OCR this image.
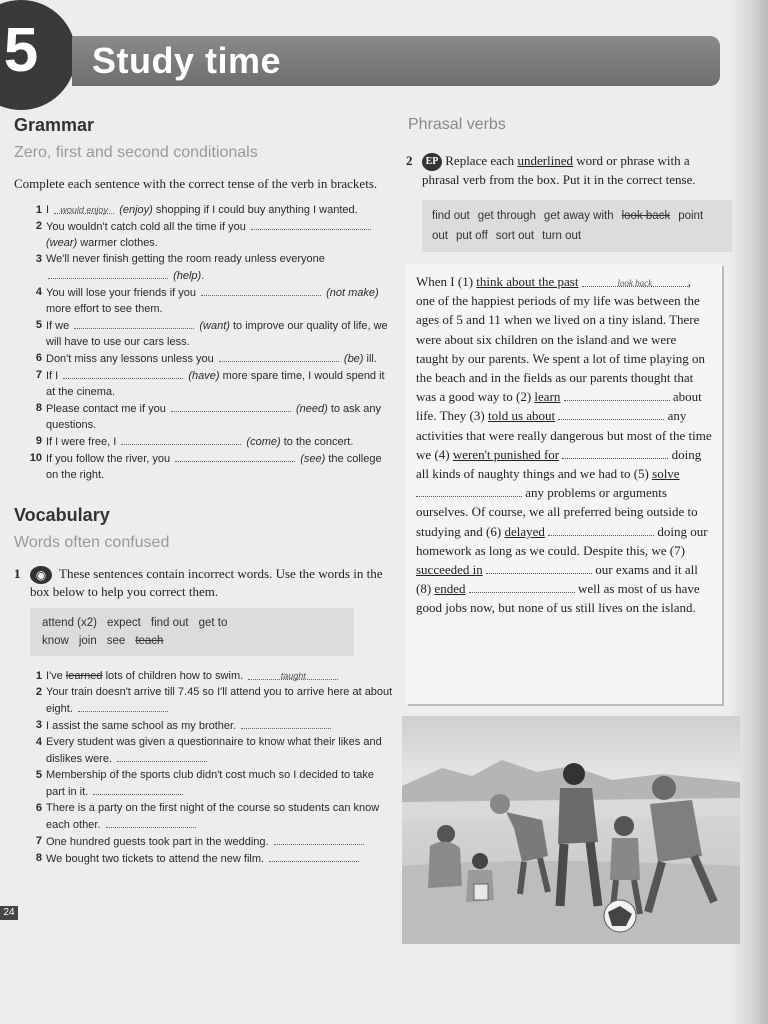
5 Study time
Grammar
Zero, first and second conditionals

Complete each sentence with the correct tense of the verb in brackets.

1 I would enjoy (enjoy) shopping if I could buy anything I wanted.
2 You wouldn't catch cold all the time if you  (wear) warmer clothes.
3 We'll never finish getting the room ready unless everyone  (help).
4 You will lose your friends if you	(not make) more effort to see them.
5 If we	(want) to improve our quality of life, we will have to use our cars less.
6 Don't miss any lessons unless you	(be) ill.
7 If I	(have) more spare time, I would spend it at the cinema.
8 Please contact me if you	(need) to ask any questions.
9 If I were free, I	(come) to the concert.
10 If you follow the river, you	(see) the college on the right.
Vocabulary
Words often confused
1 ◉ These sentences contain incorrect words. Use the words in the box below to help you correct them.
attend (x2) expect find out get to know join see teach
1 I've learned lots of children how to swim.	taught
2 Your train doesn't arrive till 7.45 so I'll attend you to arrive here at about eight.
3 I assist the same school as my brother.
4 Every student was given a questionnaire to know what their likes and dislikes were.
5 Membership of the sports club didn't cost much so I decided to take part in it.
6 There is a party on the first night of the course so students can know each other.
7 One hundred guests took part in the wedding.
8 We bought two tickets to attend the new film.
24
Phrasal verbs
2 EP Replace each underlined word or phrase with a phrasal verb from the box. Put it in the correct tense.
find out get through get away with look back point out put off sort out turn out

When I (1) think about the past	look back	, one of the happiest periods of my life was between the ages of 5 and 11 when we lived on a tiny island. There were about six children on the island and we were taught by our parents. We spent a lot of time playing on the beach and in the fields as our parents thought that was a good way to (2) learn	about life. They (3) told us about	any activities that were really dangerous but most of the time we (4) weren't punished for	doing all kinds of naughty things and we had to (5) solve  any problems or arguments ourselves. Of course, we all preferred being outside to studying and (6) delayed	doing our homework as long as we could. Despite this, we (7) succeeded in	our exams and it all (8) ended	well as most of us have good jobs now, but none of us still lives on the island.
